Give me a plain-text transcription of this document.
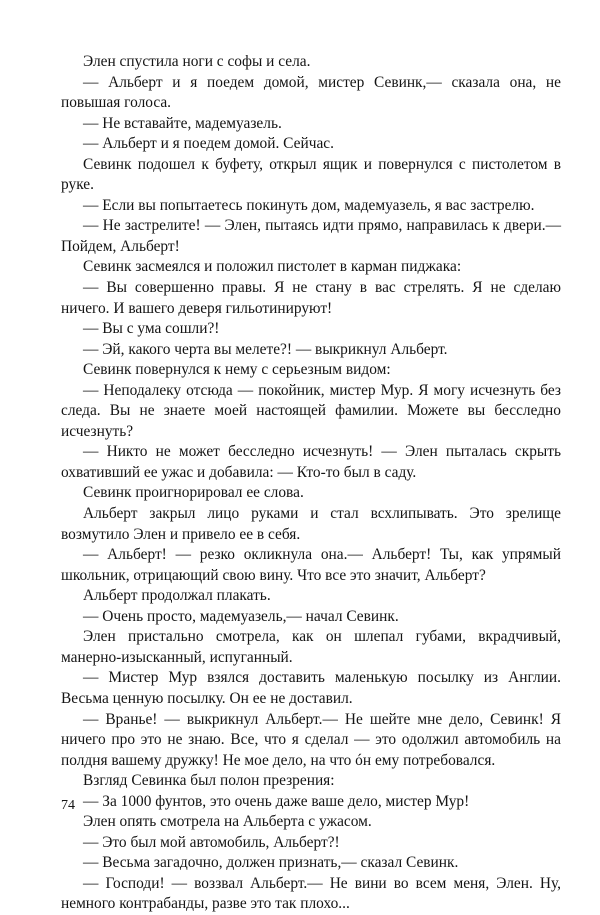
Элен спустила ноги с софы и села.

— Альберт и я поедем домой, мистер Севинк,— сказала она, не повышая голоса.

— Не вставайте, мадемуазель.

— Альберт и я поедем домой. Сейчас.

Севинк подошел к буфету, открыл ящик и повернулся с пистолетом в руке.

— Если вы попытаетесь покинуть дом, мадемуазель, я вас застрелю.

— Не застрелите! — Элен, пытаясь идти прямо, направилась к двери.— Пойдем, Альберт!

Севинк засмеялся и положил пистолет в карман пиджака:

— Вы совершенно правы. Я не стану в вас стрелять. Я не сделаю ничего. И вашего деверя гильотинируют!

— Вы с ума сошли?!

— Эй, какого черта вы мелете?! — выкрикнул Альберт.

Севинк повернулся к нему с серьезным видом:

— Неподалеку отсюда — покойник, мистер Мур. Я могу исчезнуть без следа. Вы не знаете моей настоящей фамилии. Можете вы бесследно исчезнуть?

— Никто не может бесследно исчезнуть! — Элен пыталась скрыть охвативший ее ужас и добавила: — Кто-то был в саду.

Севинк проигнорировал ее слова.

Альберт закрыл лицо руками и стал всхлипывать. Это зрелище возмутило Элен и привело ее в себя.

— Альберт! — резко окликнула она.— Альберт! Ты, как упрямый школьник, отрицающий свою вину. Что все это значит, Альберт?

Альберт продолжал плакать.

— Очень просто, мадемуазель,— начал Севинк.

Элен пристально смотрела, как он шлепал губами, вкрадчивый, манерно-изысканный, испуганный.

— Мистер Мур взялся доставить маленькую посылку из Англии. Весьма ценную посылку. Он ее не доставил.

— Вранье! — выкрикнул Альберт.— Не шейте мне дело, Севинк! Я ничего про это не знаю. Все, что я сделал — это одолжил автомобиль на полдня вашему дружку! Не мое дело, на что óн ему потребовался.

Взгляд Севинка был полон презрения:

— За 1000 фунтов, это очень даже ваше дело, мистер Мур!

Элен опять смотрела на Альберта с ужасом.

— Это был мой автомобиль, Альберт?!

— Весьма загадочно, должен признать,— сказал Севинк.

— Господи! — воззвал Альберт.— Не вини во всем меня, Элен. Ну, немного контрабанды, разве это так плохо...

74
